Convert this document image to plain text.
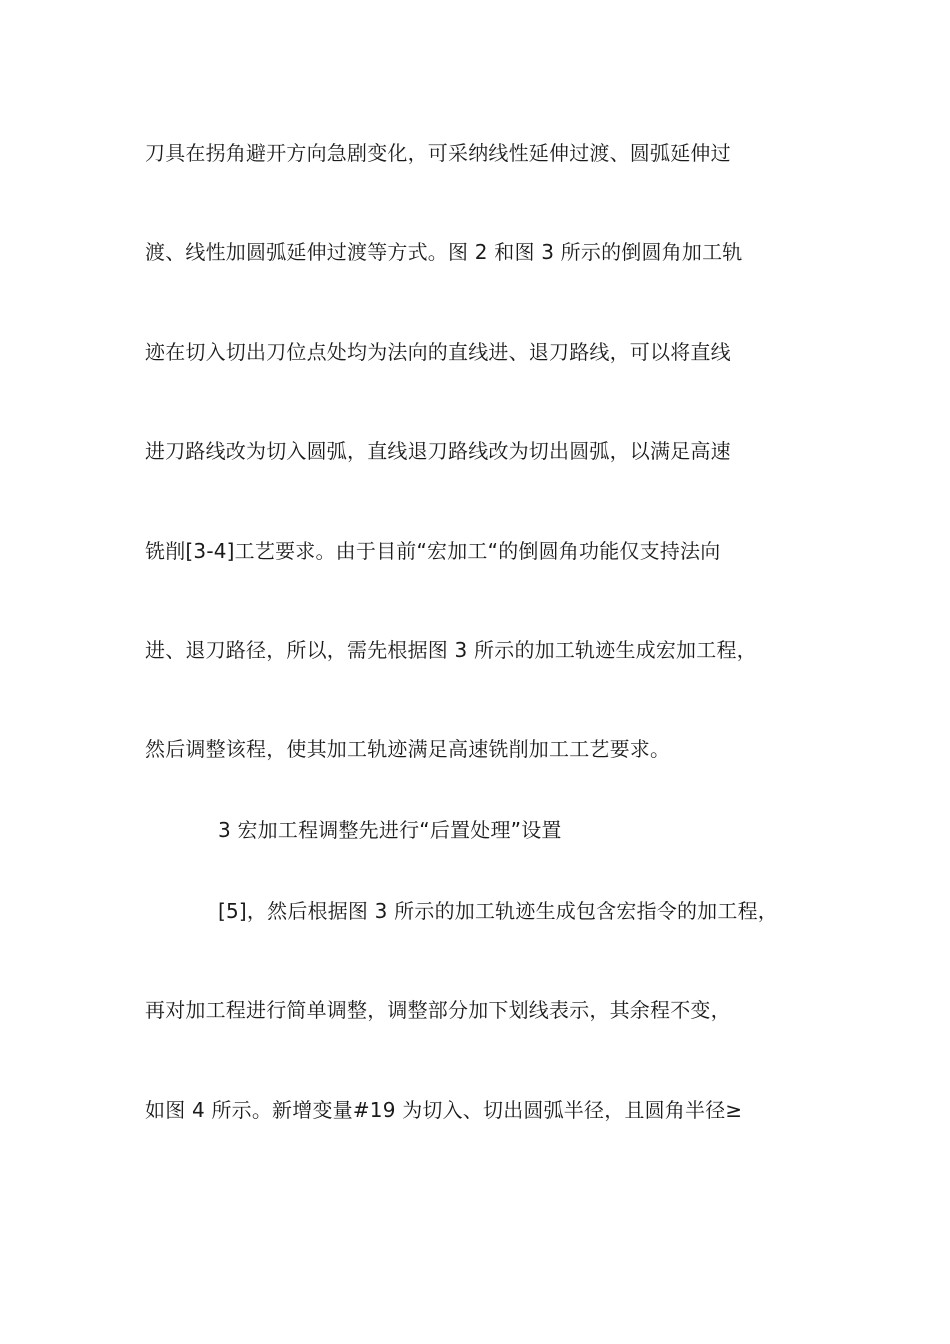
刀具在拐角避开方向急剧变化，可采纳线性延伸过渡、圆弧延伸过
渡、线性加圆弧延伸过渡等方式。图 2 和图 3 所示的倒圆角加工轨
迹在切入切出刀位点处均为法向的直线进、退刀路线，可以将直线
进刀路线改为切入圆弧，直线退刀路线改为切出圆弧，以满足高速
铣削[3-4]工艺要求。由于目前“宏加工“的倒圆角功能仅支持法向
进、退刀路径，所以，需先根据图 3 所示的加工轨迹生成宏加工程，
然后调整该程，使其加工轨迹满足高速铣削加工工艺要求。
3 宏加工程调整先进行“后置处理”设置
[5]，然后根据图 3 所示的加工轨迹生成包含宏指令的加工程，
再对加工程进行简单调整，调整部分加下划线表示，其余程不变，
如图 4 所示。新增变量#19 为切入、切出圆弧半径，且圆角半径≥
